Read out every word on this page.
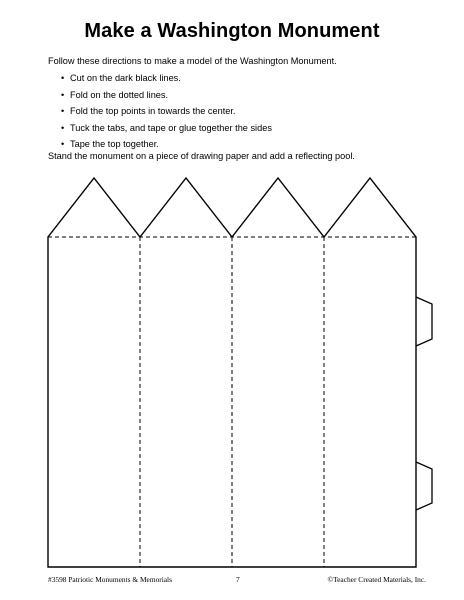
Make a Washington Monument
Follow these directions to make a model of the Washington Monument.
• Cut on the dark black lines.
• Fold on the dotted lines.
• Fold the top points in towards the center.
• Tuck the tabs, and tape or glue together the sides
• Tape the top together.
Stand the monument on a piece of drawing paper and add a reflecting pool.
#3598 Patriotic Monuments & Memorials	7	©Teacher Created Materials, Inc.
